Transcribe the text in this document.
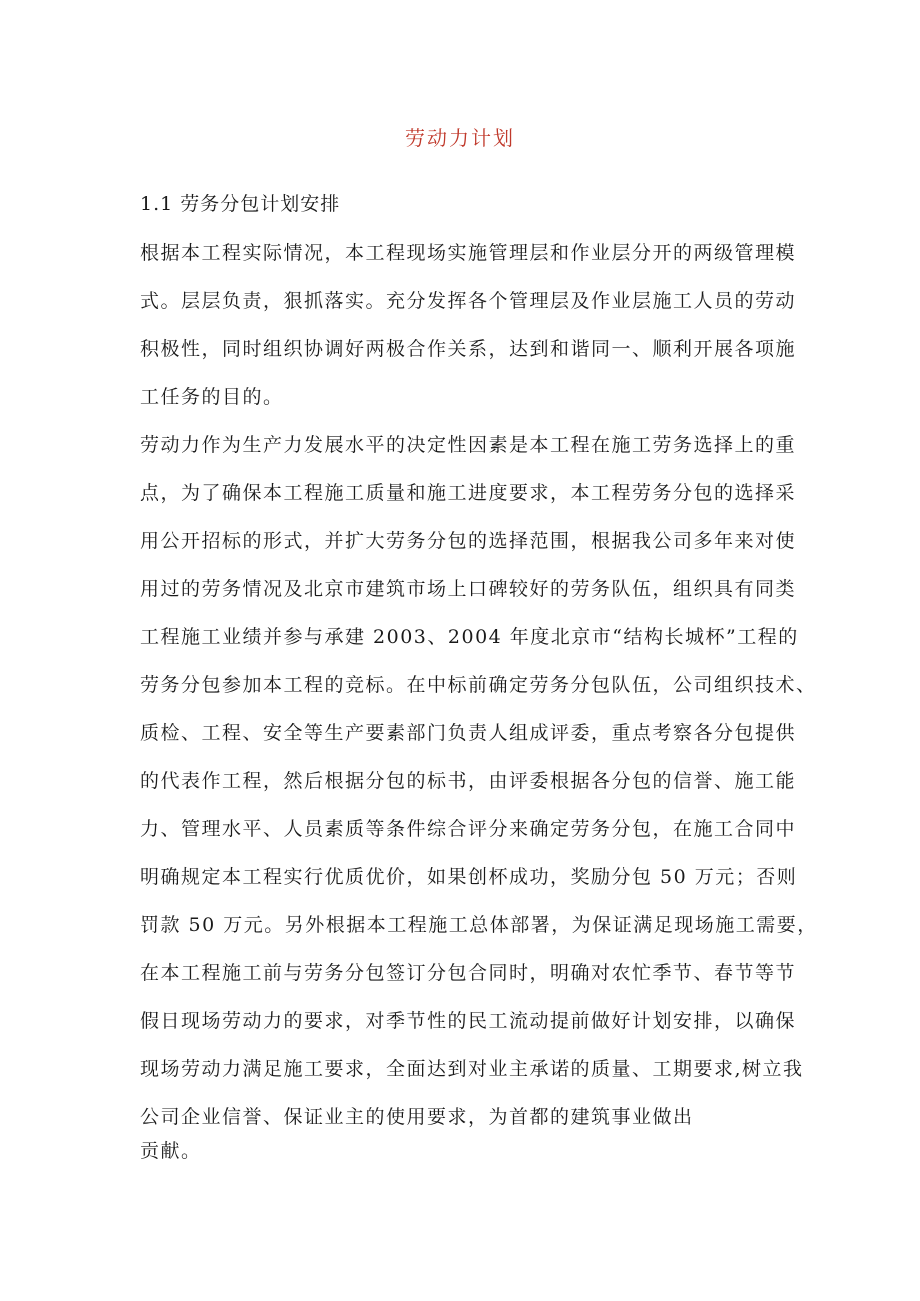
劳动力计划
1.1 劳务分包计划安排
根据本工程实际情况，本工程现场实施管理层和作业层分开的两级管理模
式。层层负责，狠抓落实。充分发挥各个管理层及作业层施工人员的劳动
积极性，同时组织协调好两极合作关系，达到和谐同一、顺利开展各项施
工任务的目的。
劳动力作为生产力发展水平的决定性因素是本工程在施工劳务选择上的重
点，为了确保本工程施工质量和施工进度要求，本工程劳务分包的选择采
用公开招标的形式，并扩大劳务分包的选择范围，根据我公司多年来对使
用过的劳务情况及北京市建筑市场上口碑较好的劳务队伍，组织具有同类
工程施工业绩并参与承建 2003、2004 年度北京市“结构长城杯”工程的
劳务分包参加本工程的竞标。在中标前确定劳务分包队伍，公司组织技术、
质检、工程、安全等生产要素部门负责人组成评委，重点考察各分包提供
的代表作工程，然后根据分包的标书，由评委根据各分包的信誉、施工能
力、管理水平、人员素质等条件综合评分来确定劳务分包，在施工合同中
明确规定本工程实行优质优价，如果创杯成功，奖励分包 50 万元；否则
罚款 50 万元。另外根据本工程施工总体部署，为保证满足现场施工需要，
在本工程施工前与劳务分包签订分包合同时，明确对农忙季节、春节等节
假日现场劳动力的要求，对季节性的民工流动提前做好计划安排，以确保
现场劳动力满足施工要求，全面达到对业主承诺的质量、工期要求,树立我
公司企业信誉、保证业主的使用要求，为首都的建筑事业做出
贡献。
